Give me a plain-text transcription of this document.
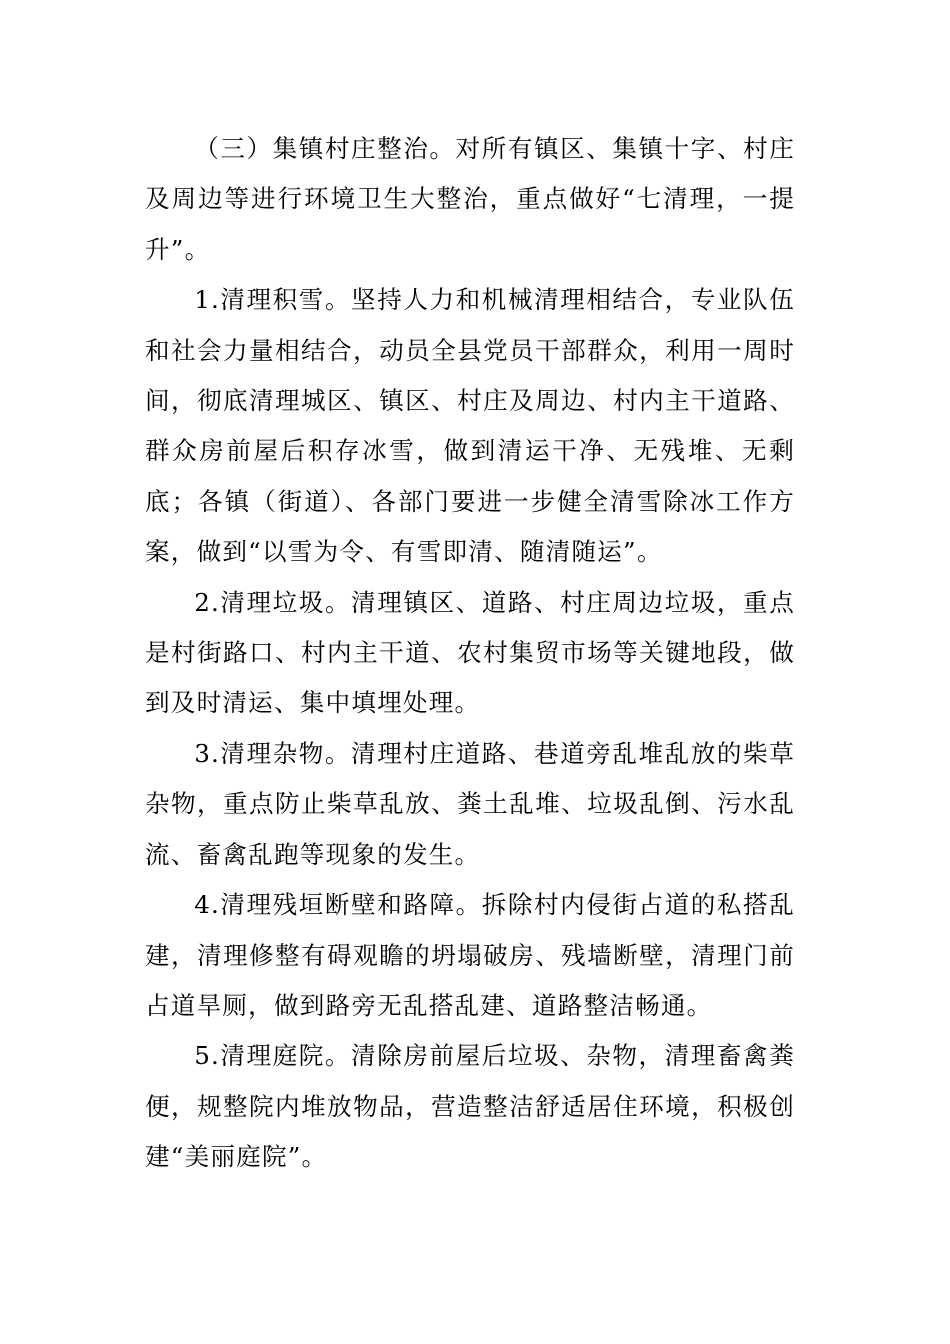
（三）集镇村庄整治。对所有镇区、集镇十字、村庄及周边等进行环境卫生大整治，重点做好“七清理，一提升”。

1.清理积雪。坚持人力和机械清理相结合，专业队伍和社会力量相结合，动员全县党员干部群众，利用一周时间，彻底清理城区、镇区、村庄及周边、村内主干道路、群众房前屋后积存冰雪，做到清运干净、无残堆、无剩底；各镇（街道）、各部门要进一步健全清雪除冰工作方案，做到“以雪为令、有雪即清、随清随运”。

2.清理垃圾。清理镇区、道路、村庄周边垃圾，重点是村街路口、村内主干道、农村集贸市场等关键地段，做到及时清运、集中填埋处理。

3.清理杂物。清理村庄道路、巷道旁乱堆乱放的柴草杂物，重点防止柴草乱放、粪土乱堆、垃圾乱倒、污水乱流、畜禽乱跑等现象的发生。

4.清理残垣断壁和路障。拆除村内侵街占道的私搭乱建，清理修整有碍观瞻的坍塌破房、残墙断壁，清理门前占道旱厕，做到路旁无乱搭乱建、道路整洁畅通。

5.清理庭院。清除房前屋后垃圾、杂物，清理畜禽粪便，规整院内堆放物品，营造整洁舒适居住环境，积极创建“美丽庭院”。
